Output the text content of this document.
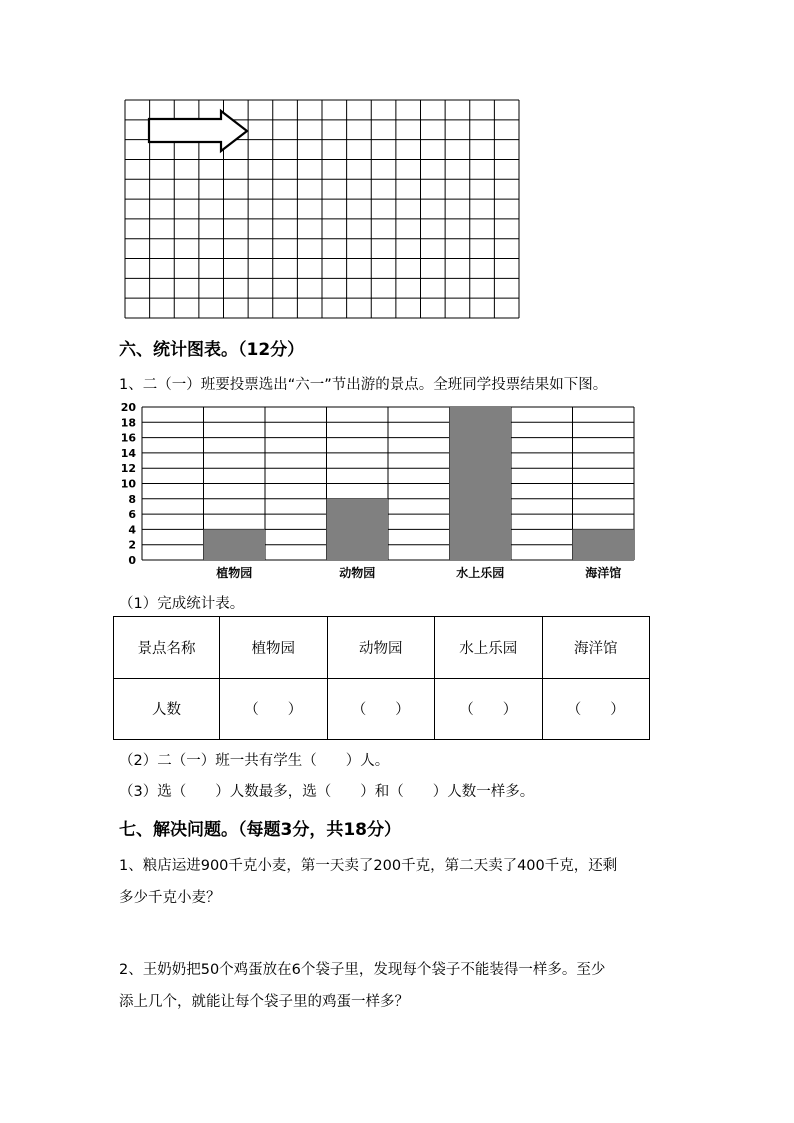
六、统计图表。（12分）
1、二（一）班要投票选出“六一”节出游的景点。全班同学投票结果如下图。
0
2
4
6
8
10
12
14
16
18
20
植物园	动物园	水上乐园	海洋馆
（1）完成统计表。
景点名称	植物园	动物园	水上乐园	海洋馆
人数	（　　）	（　　）	（　　）	（　　）
（2）二（一）班一共有学生（　　）人。
（3）选（　　）人数最多，选（　　）和（　　）人数一样多。
七、解决问题。（每题3分，共18分）
1、粮店运进900千克小麦，第一天卖了200千克，第二天卖了400千克，还剩
多少千克小麦？
2、王奶奶把50个鸡蛋放在6个袋子里，发现每个袋子不能装得一样多。至少
添上几个，就能让每个袋子里的鸡蛋一样多？
